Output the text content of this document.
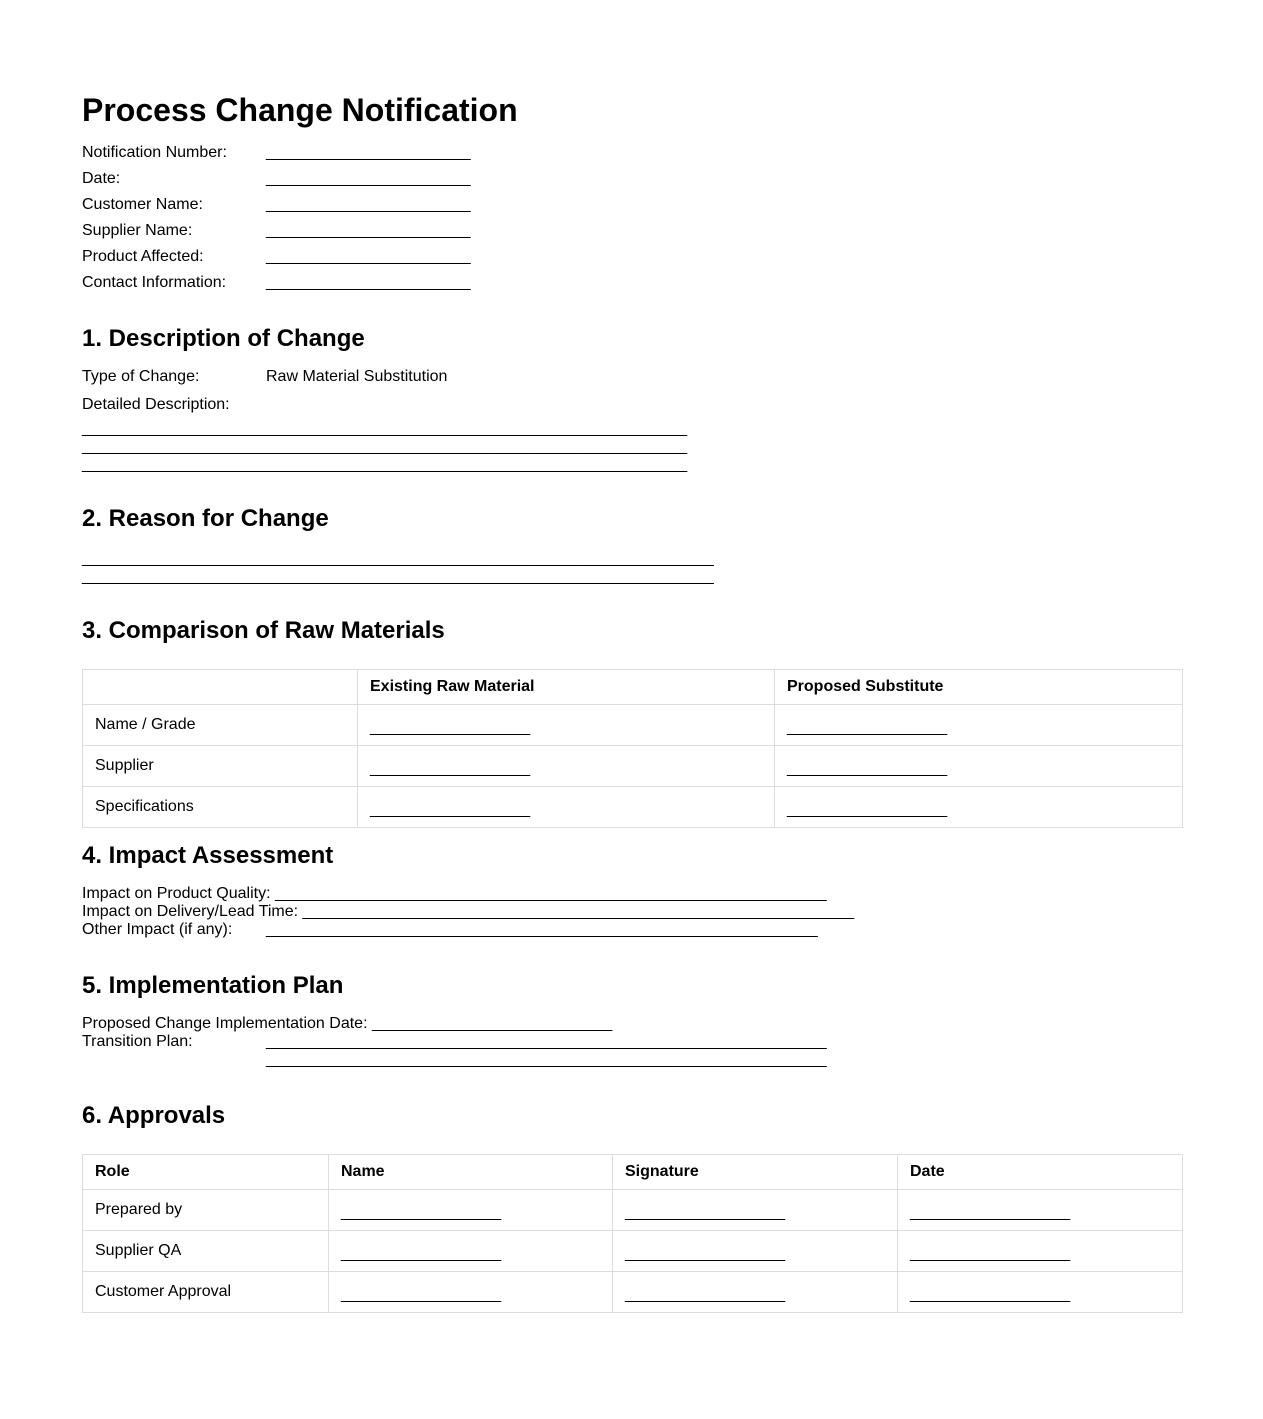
Process Change Notification
Notification Number: _______________________
Date:	_______________________
Customer Name:	_______________________
Supplier Name:	_______________________
Product Affected:	_______________________
Contact Information: _______________________
1. Description of Change
Type of Change:	Raw Material Substitution
Detailed Description:
____________________________________________________________________
____________________________________________________________________
____________________________________________________________________
2. Reason for Change
_______________________________________________________________________
_______________________________________________________________________
3. Comparison of Raw Materials
	Existing Raw Material	Proposed Substitute
Name / Grade	__________________	__________________
Supplier	__________________	__________________
Specifications	__________________	__________________
4. Impact Assessment
Impact on Product Quality: ______________________________________________________________
Impact on Delivery/Lead Time: ______________________________________________________________
Other Impact (if any): ______________________________________________________________
5. Implementation Plan
Proposed Change Implementation Date: ___________________________
Transition Plan:	_______________________________________________________________
_______________________________________________________________
6. Approvals
Role	Name	Signature	Date
Prepared by	__________________	__________________	__________________
Supplier QA	__________________	__________________	__________________
Customer Approval	__________________	__________________	__________________
